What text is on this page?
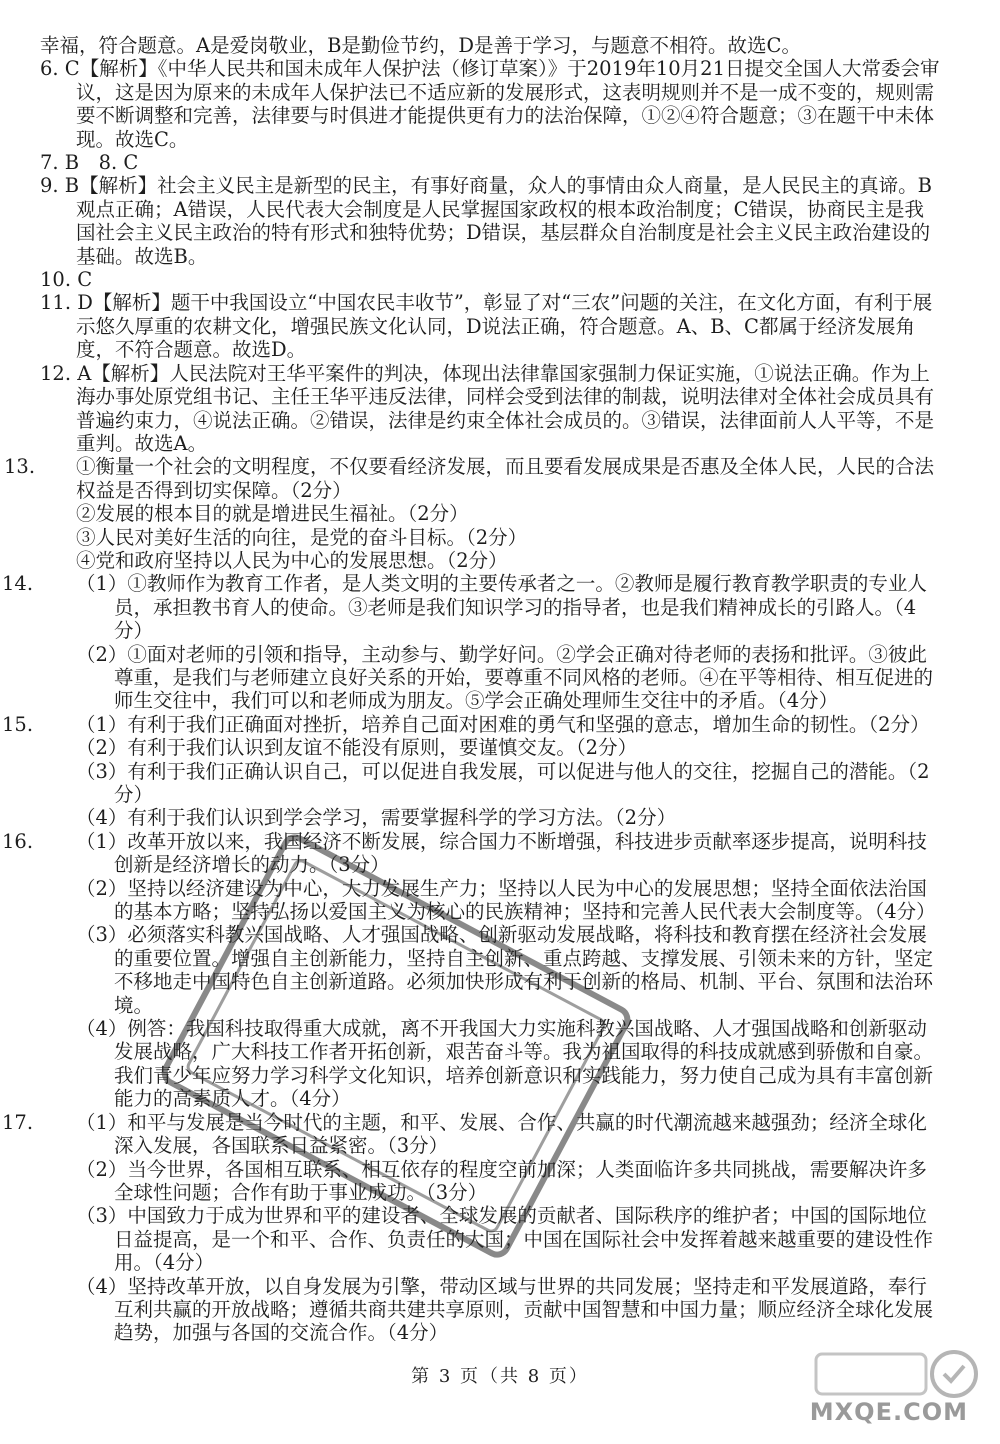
幸福，符合题意。A是爱岗敬业，B是勤俭节约，D是善于学习，与题意不相符。故选C。

6. C【解析】《中华人民共和国未成年人保护法（修订草案）》于2019年10月21日提交全国人大常委会审议，这是因为原来的未成年人保护法已不适应新的发展形式，这表明规则并不是一成不变的，规则需要不断调整和完善，法律要与时俱进才能提供更有力的法治保障，①②④符合题意；③在题干中未体现。故选C。

7. B　8. C

9. B【解析】社会主义民主是新型的民主，有事好商量，众人的事情由众人商量，是人民民主的真谛。B观点正确；A错误，人民代表大会制度是人民掌握国家政权的根本政治制度；C错误，协商民主是我国社会主义民主政治的特有形式和独特优势；D错误，基层群众自治制度是社会主义民主政治建设的基础。故选B。

10. C

11. D【解析】题干中我国设立“中国农民丰收节”，彰显了对“三农”问题的关注，在文化方面，有利于展示悠久厚重的农耕文化，增强民族文化认同，D说法正确，符合题意。A、B、C都属于经济发展角度，不符合题意。故选D。

12. A【解析】人民法院对王华平案件的判决，体现出法律靠国家强制力保证实施，①说法正确。作为上海办事处原党组书记、主任王华平违反法律，同样会受到法律的制裁，说明法律对全体社会成员具有普遍约束力，④说法正确。②错误，法律是约束全体社会成员的。③错误，法律面前人人平等，不是重判。故选A。

13. ①衡量一个社会的文明程度，不仅要看经济发展，而且要看发展成果是否惠及全体人民，人民的合法权益是否得到切实保障。（2分）

②发展的根本目的就是增进民生福祉。（2分）

③人民对美好生活的向往，是党的奋斗目标。（2分）

④党和政府坚持以人民为中心的发展思想。（2分）

14. （1）①教师作为教育工作者，是人类文明的主要传承者之一。②教师是履行教育教学职责的专业人员，承担教书育人的使命。③老师是我们知识学习的指导者，也是我们精神成长的引路人。（4分）

（2）①面对老师的引领和指导，主动参与、勤学好问。②学会正确对待老师的表扬和批评。③彼此尊重，是我们与老师建立良好关系的开始，要尊重不同风格的老师。④在平等相待、相互促进的师生交往中，我们可以和老师成为朋友。⑤学会正确处理师生交往中的矛盾。（4分）

15. （1）有利于我们正确面对挫折，培养自己面对困难的勇气和坚强的意志，增加生命的韧性。（2分）

（2）有利于我们认识到友谊不能没有原则，要谨慎交友。（2分）

（3）有利于我们正确认识自己，可以促进自我发展，可以促进与他人的交往，挖掘自己的潜能。（2分）

（4）有利于我们认识到学会学习，需要掌握科学的学习方法。（2分）

16. （1）改革开放以来，我国经济不断发展，综合国力不断增强，科技进步贡献率逐步提高，说明科技创新是经济增长的动力。（3分）

（2）坚持以经济建设为中心，大力发展生产力；坚持以人民为中心的发展思想；坚持全面依法治国的基本方略；坚持弘扬以爱国主义为核心的民族精神；坚持和完善人民代表大会制度等。（4分）

（3）必须落实科教兴国战略、人才强国战略、创新驱动发展战略，将科技和教育摆在经济社会发展的重要位置。增强自主创新能力，坚持自主创新、重点跨越、支撑发展、引领未来的方针，坚定不移地走中国特色自主创新道路。必须加快形成有利于创新的格局、机制、平台、氛围和法治环境。

（4）例答：我国科技取得重大成就，离不开我国大力实施科教兴国战略、人才强国战略和创新驱动发展战略，广大科技工作者开拓创新，艰苦奋斗等。我为祖国取得的科技成就感到骄傲和自豪。我们青少年应努力学习科学文化知识，培养创新意识和实践能力，努力使自己成为具有丰富创新能力的高素质人才。（4分）

17. （1）和平与发展是当今时代的主题，和平、发展、合作、共赢的时代潮流越来越强劲；经济全球化深入发展，各国联系日益紧密。（3分）

（2）当今世界，各国相互联系、相互依存的程度空前加深；人类面临许多共同挑战，需要解决许多全球性问题；合作有助于事业成功。（3分）

（3）中国致力于成为世界和平的建设者、全球发展的贡献者、国际秩序的维护者；中国的国际地位日益提高，是一个和平、合作、负责任的大国；中国在国际社会中发挥着越来越重要的建设性作用。（4分）

（4）坚持改革开放，以自身发展为引擎，带动区域与世界的共同发展；坚持走和平发展道路，奉行互利共赢的开放战略；遵循共商共建共享原则，贡献中国智慧和中国力量；顺应经济全球化发展趋势，加强与各国的交流合作。（4分）

第 3 页（共 8 页）
MXQE.COM
